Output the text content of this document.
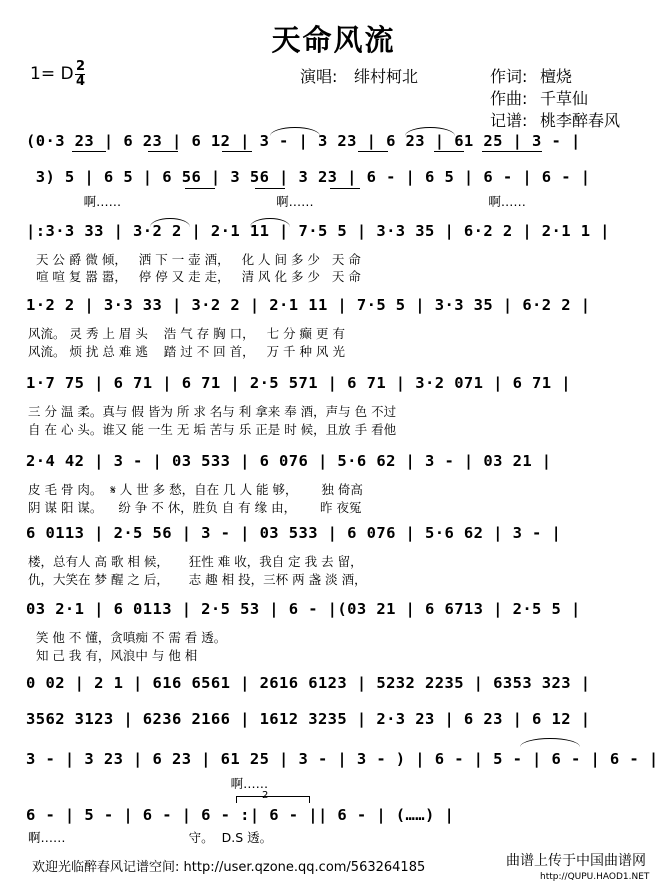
天命风流
1= D 2
4	演唱: 绯村柯北	作词: 檀烧
作曲: 千草仙
记谱: 桃李醉春风
(0·3 23 | 6 23 | 6 12 | 3 - | 3 23 | 6 23 | 61 25 | 3 - |
3) 5 | 6 5 | 6 56 | 3 56 | 3 23 | 6 - | 6 5 | 6 - | 6 - |
啊……                                       啊……                                            啊……
|:3·3 33 | 3·2 2 | 2·1 11 | 7·5 5 | 3·3 35 | 6·2 2 | 2·1 1 |
天 公 爵 微 倾，   洒 下 一 壶 酒，   化 人 间 多 少   天 命
喧 喧 复 嚣 嚣，   停 停 又 走 走，   清 风 化 多 少   天 命
1·2 2 | 3·3 33 | 3·2 2 | 2·1 11 | 7·5 5 | 3·3 35 | 6·2 2 |
风流。 灵 秀 上 眉 头    浩 气 存 胸 口，   七 分 癫 更 有
风流。 烦 扰 总 难 逃    踏 过 不 回 首，   万 千 种 风 光
1·7 75 | 6 71 | 6 71 | 2·5 571 | 6 71 | 3·2 071 | 6 71 |
三 分 温 柔。真与 假 皆为 所 求 名与 利 拿来 奉 酒，声与 色 不过
自 在 心 头。谁又 能 一生 无 垢 苦与 乐 正是 时 候，且放 手 看他
2·4 42 | 3 - | 03 533 | 6 076 | 5·6 62 | 3 - | 03 21 |
皮 毛 骨 肉。  𝄋 人 世 多 愁，自在 几 人 能 够，      独 倚高
阴 谋 阳 谋。    纷 争 不 休，胜负 自 有 缘 由，      昨 夜冤
6 0113 | 2·5 56 | 3 - | 03 533 | 6 076 | 5·6 62 | 3 - |
楼，总有人 高 歌 相 候，     狂性 难 收，我自 定 我 去 留，
仇，大笑在 梦 醒 之 后，     志 趣 相 投，三杯 两 盏 淡 酒，
03 2·1 | 6 0113 | 2·5 53 | 6 - |(03 21 | 6 6713 | 2·5 5 |
笑 他 不 懂，贪嗔痴 不 需 看 透。
知 己 我 有，风浪中 与 他 相
0 02 | 2 1 | 616 6561 | 2616 6123 | 5232 2235 | 6353 323 |
3562 3123 | 6236 2166 | 1612 3235 | 2·3 23 | 6 23 | 6 12 |
3 - | 3 23 | 6 23 | 61 25 | 3 - | 3 - ) | 6 - | 5 - | 6 - | 6 - |
啊……
2
6 - | 5 - | 6 - | 6 - :| 6 - || 6 - | (……) |
啊……                               守。  D.S 透。
欢迎光临醉春风记谱空间: http://user.qzone.qq.com/563264185	曲谱上传于中国曲谱网
http://QUPU.HAOD1.NET
